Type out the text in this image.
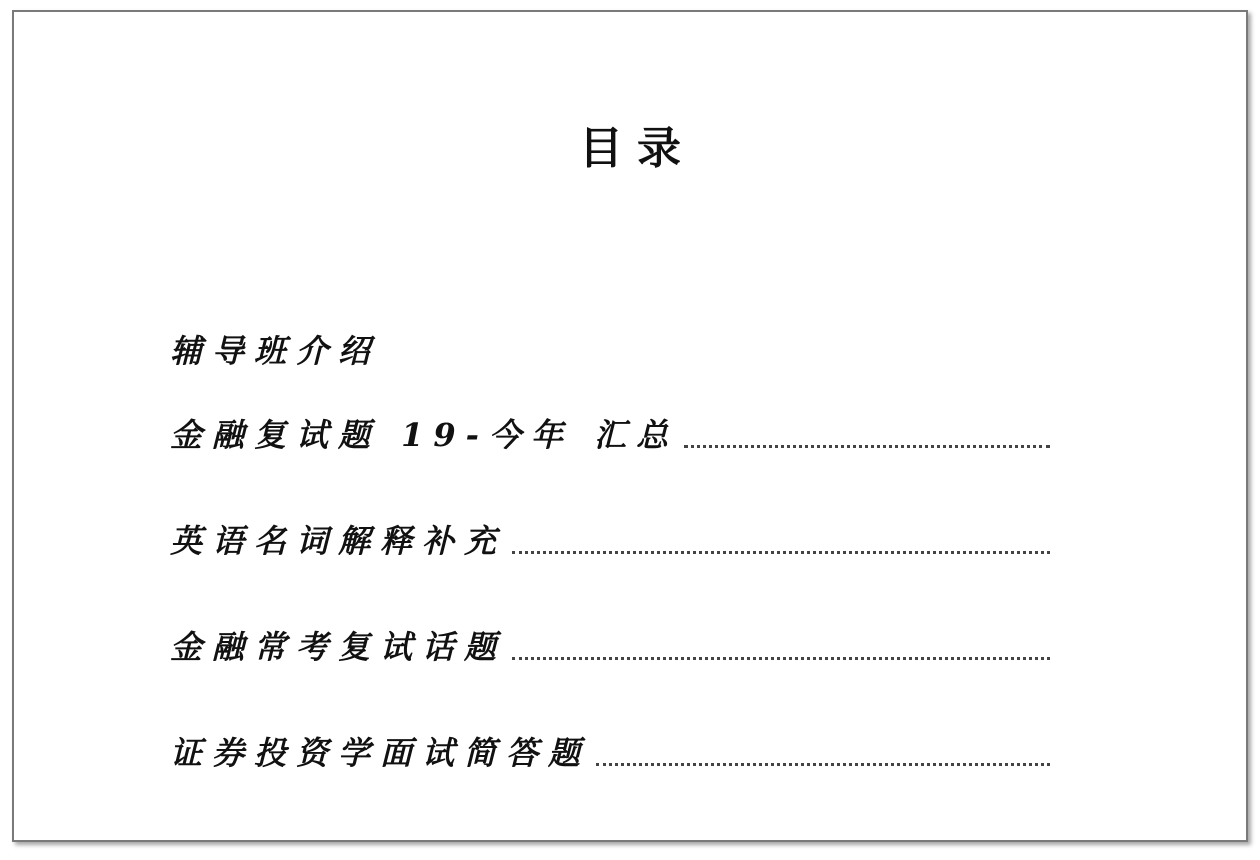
目录
辅导班介绍
金融复试题 19-今年 汇总
英语名词解释补充
金融常考复试话题
证券投资学面试简答题
